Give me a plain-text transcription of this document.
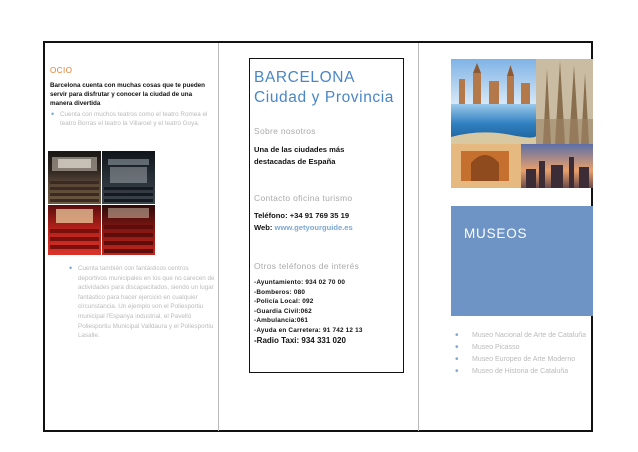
OCIO
Barcelona cuenta con muchas cosas que te pueden servir para disfrutar y conocer la ciudad de una manera divertida
• Cuenta con muchos teatros como el teatro Romea el teatro Borras el teatro la Villaroel y el teatro Goya.
• Cuenta también con fantásticos centros deportivos municipales en los que no carecen de actividades para discapacitados, siendo un lugar fantástico para hacer ejercicio en cualquier circunstancia. Un ejemplo son el Poliesportiu municipal l'Espanya industrial, el Pavelló Poliesportiu Municipal Valldaura y el Poliesportiu Lasalle.
BARCELONA
Ciudad y Provincia
Sobre nosotros
Una de las ciudades más
destacadas de España
Contacto oficina turismo
Teléfono: +34 91 769 35 19
Web: www.getyourguide.es
Otros teléfonos de interés
-Ayuntamiento: 934 02 70 00
-Bomberos: 080
-Policía Local: 092
-Guardia Civil:062
-Ambulancia:061
-Ayuda en Carretera: 91 742 12 13
-Radio Taxi: 934 331 020
MUSEOS
• Museo Nacional de Arte de Cataluña
• Museo Picasso
• Museo Europeo de Arte Moderno
• Museo de Historia de Cataluña
